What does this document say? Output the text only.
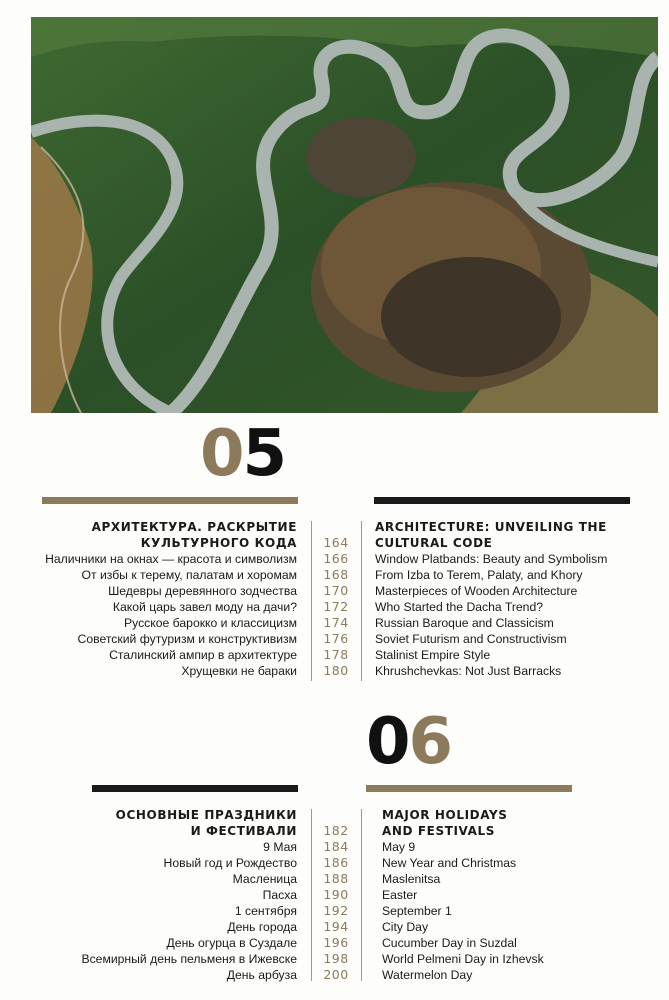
05
АРХИТЕКТУРА. РАСКРЫТИЕ
КУЛЬТУРНОГО КОДА
Наличники на окнах — красота и символизм
От избы к терему, палатам и хоромам
Шедевры деревянного зодчества
Какой царь завел моду на дачи?
Русское барокко и классицизм
Советский футуризм и конструктивизм
Сталинский ампир в архитектуре
Хрущевки не бараки
164
166
168
170
172
174
176
178
180
ARCHITECTURE: UNVEILING THE
CULTURAL CODE
Window Platbands: Beauty and Symbolism
From Izba to Terem, Palaty, and Khory
Masterpieces of Wooden Architecture
Who Started the Dacha Trend?
Russian Baroque and Classicism
Soviet Futurism and Constructivism
Stalinist Empire Style
Khrushchevkas: Not Just Barracks
06
ОСНОВНЫЕ ПРАЗДНИКИ
И ФЕСТИВАЛИ
9 Мая
Новый год и Рождество
Масленица
Пасха
1 сентября
День города
День огурца в Суздале
Всемирный день пельменя в Ижевске
День арбуза
182
184
186
188
190
192
194
196
198
200
MAJOR HOLIDAYS
AND FESTIVALS
May 9
New Year and Christmas
Maslenitsa
Easter
September 1
City Day
Cucumber Day in Suzdal
World Pelmeni Day in Izhevsk
Watermelon Day
